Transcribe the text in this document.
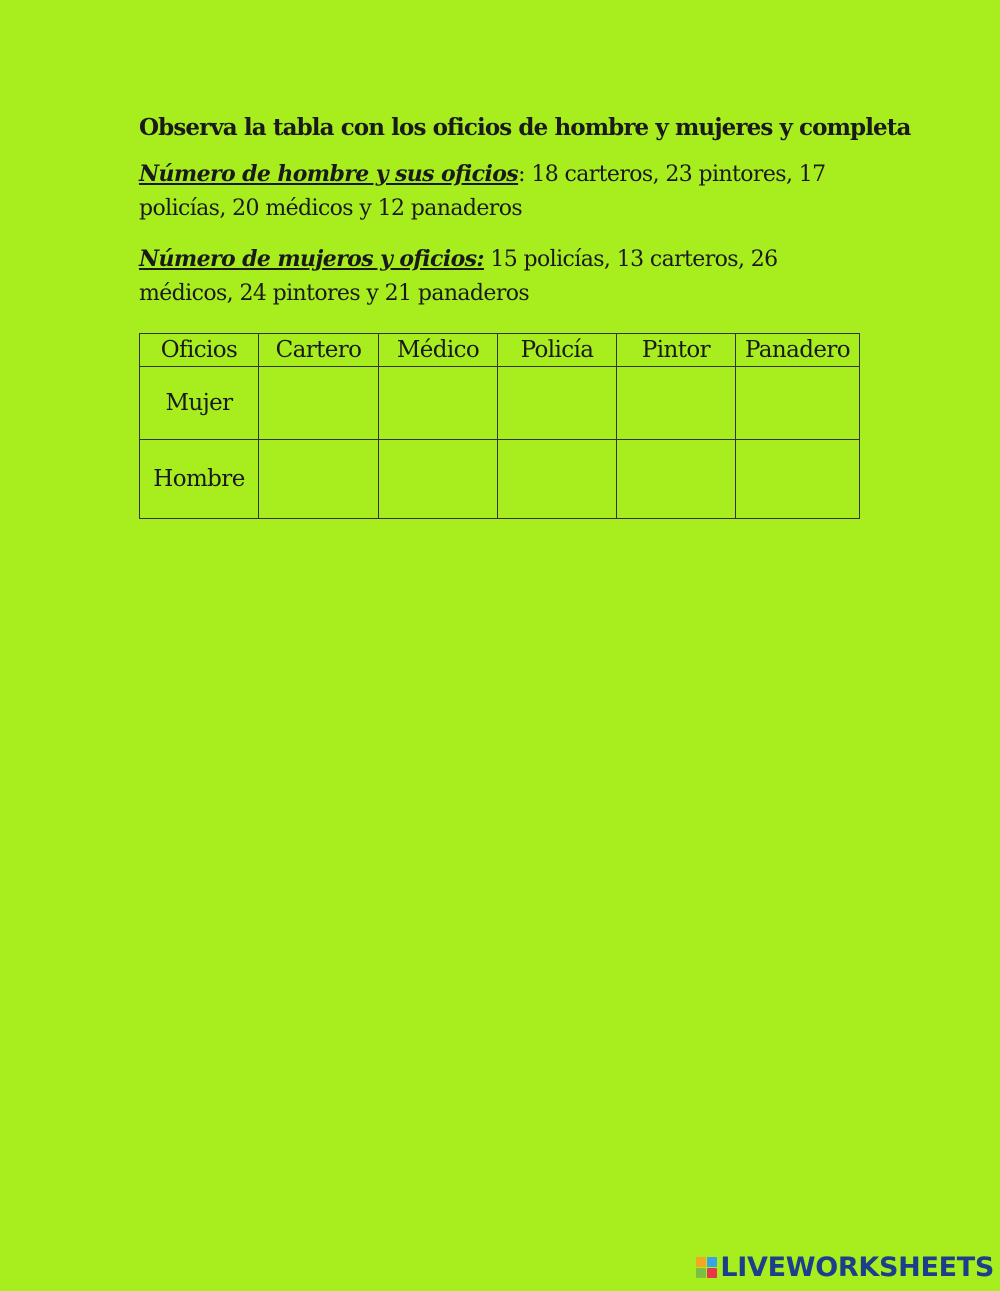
Observa la tabla con los oficios de hombre y mujeres y completa
Número de hombre y sus oficios: 18 carteros, 23 pintores, 17 policías, 20 médicos y 12 panaderos
Número de mujeros y oficios: 15 policías, 13 carteros, 26 médicos, 24 pintores y 21 panaderos
Oficios	Cartero	Médico	Policía	Pintor	Panadero
Mujer					
Hombre					
LIVEWORKSHEETS
